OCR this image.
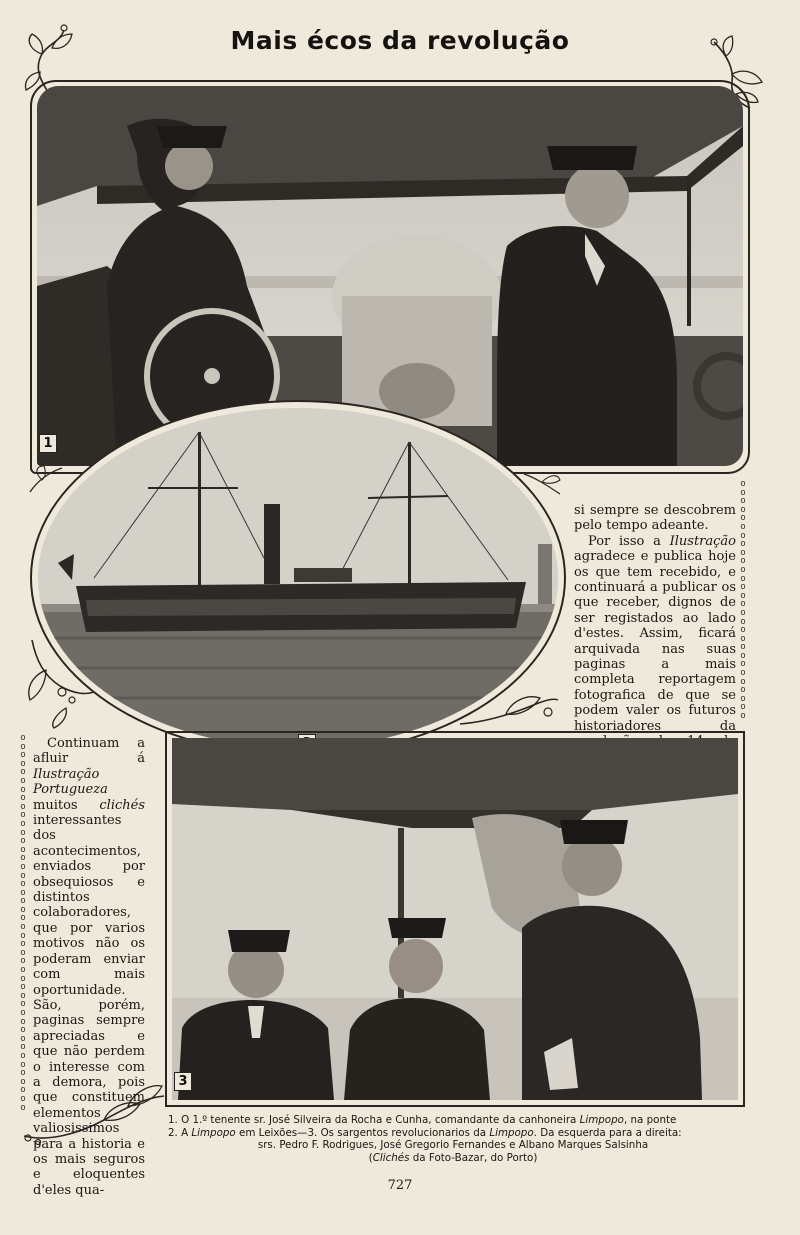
Mais écos da revolução
1
o
o
o
o
o
o
o
o
o
o
o
o
o
o
o
o
o
o
o
o
o
o
o
o
o
o
o
o

si sempre se descobrem pelo tempo adeante.

Por isso a Ilustração agradece e publica hoje os que tem recebido, e continuará a publicar os que receber, dignos de ser registados ao lado d'estes. Assim, ficará arquivada nas suas paginas a mais completa reportagem fotografica de que se podem valer os futuros historiadores da

o
o
o
o
o
o
o
o
o
o
o
o
o
o
o
o
o
o
o
o
o
o
o
o
o
o
o
o
o
o
o
o
o
o
o
o
o
o
o
o
o
o
o
o

Continuam a afluir á Ilustração Portugueza muitos clichés interessantes dos acontecimentos, enviados por obsequiosos e distintos colaboradores, que por varios motivos não os poderam enviar com mais oportunidade. São, porém, paginas sempre apreciadas e que não perdem o interesse com a demora, pois que constituem elementos valiosissimos para a historia e os mais seguros e eloquentes d'eles qua-

3
1. O 1.º tenente sr. José Silveira da Rocha e Cunha, comandante da canhoneira Limpopo, na ponte
2. A Limpopo em Leixões—3. Os sargentos revolucionarios da Limpopo. Da esquerda para a direita:
srs. Pedro F. Rodrigues, José Gregorio Fernandes e Albano Marques Salsinha
(Clichés da Foto-Bazar, do Porto)
727
